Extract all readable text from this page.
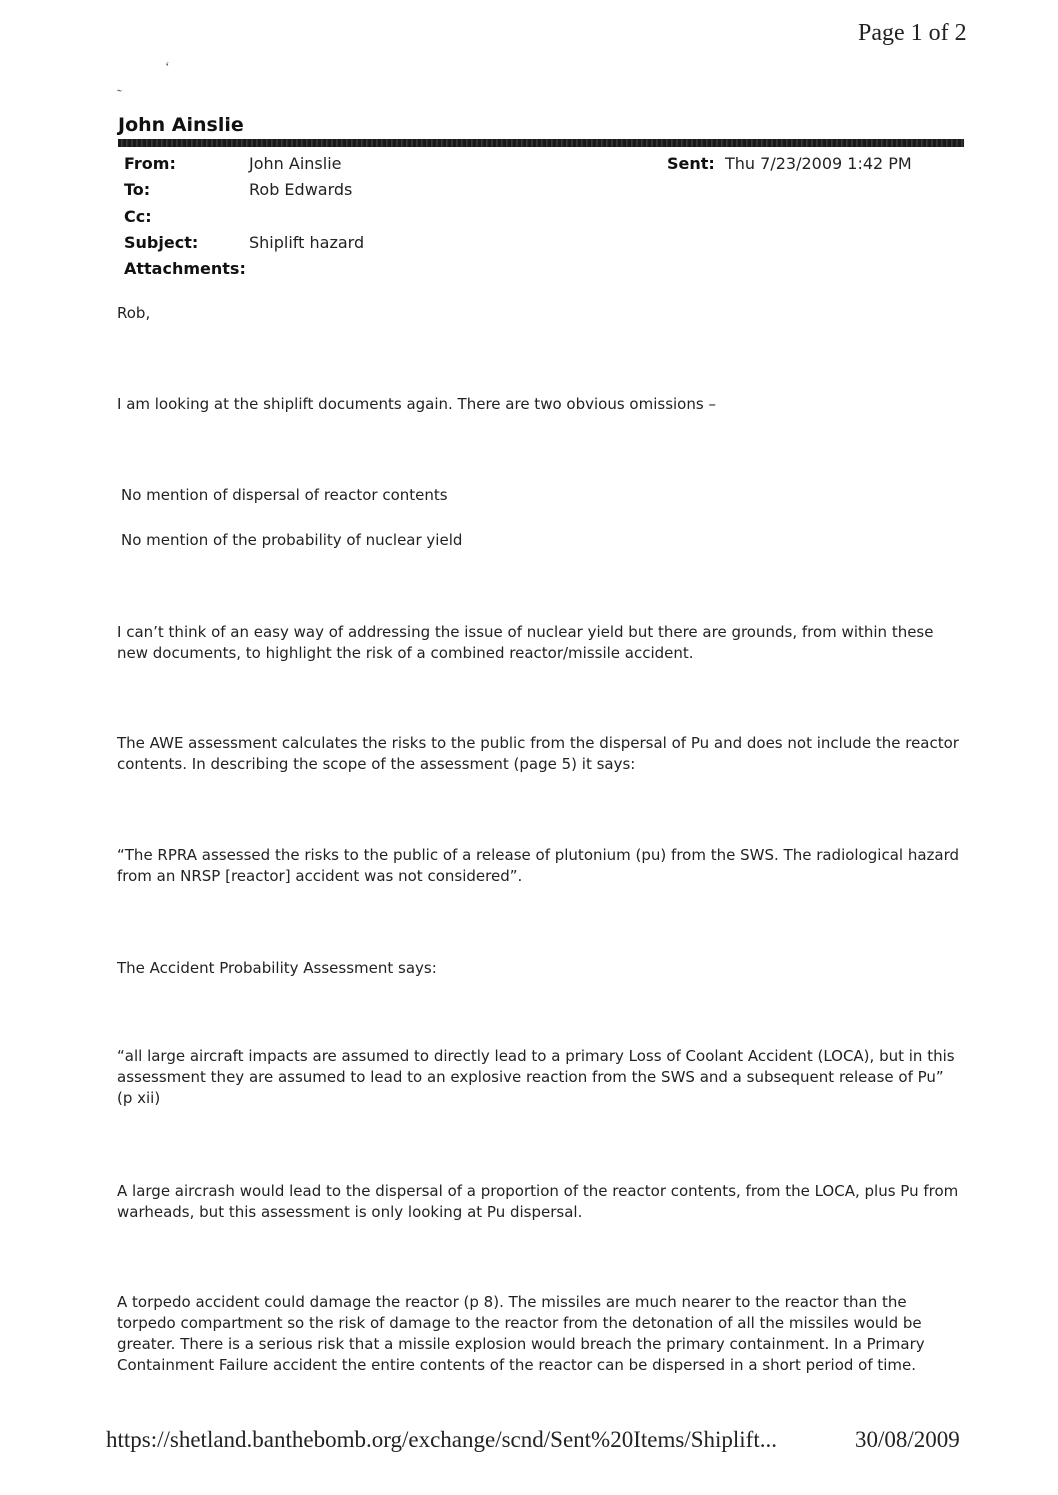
Page 1 of 2
‘
˜
John Ainslie
From:	John Ainslie	Sent: Thu 7/23/2009 1:42 PM
To:	Rob Edwards
Cc:
Subject:	Shiplift hazard
Attachments:

Rob,

I am looking at the shiplift documents again. There are two obvious omissions –

No mention of dispersal of reactor contents

No mention of the probability of nuclear yield

I can’t think of an easy way of addressing the issue of nuclear yield but there are grounds, from within these new documents, to highlight the risk of a combined reactor/missile accident.

The AWE assessment calculates the risks to the public from the dispersal of Pu and does not include the reactor contents. In describing the scope of the assessment (page 5) it says:

“The RPRA assessed the risks to the public of a release of plutonium (pu) from the SWS. The radiological hazard from an NRSP [reactor] accident was not considered”.

The Accident Probability Assessment says:

“all large aircraft impacts are assumed to directly lead to a primary Loss of Coolant Accident (LOCA), but in this assessment they are assumed to lead to an explosive reaction from the SWS and a subsequent release of Pu” (p xii)

A large aircrash would lead to the dispersal of a proportion of the reactor contents, from the LOCA, plus Pu from warheads, but this assessment is only looking at Pu dispersal.

A torpedo accident could damage the reactor (p 8). The missiles are much nearer to the reactor than the torpedo compartment so the risk of damage to the reactor from the detonation of all the missiles would be greater. There is a serious risk that a missile explosion would breach the primary containment. In a Primary Containment Failure accident the entire contents of the reactor can be dispersed in a short period of time.

https://shetland.banthebomb.org/exchange/scnd/Sent%20Items/Shiplift...	30/08/2009
